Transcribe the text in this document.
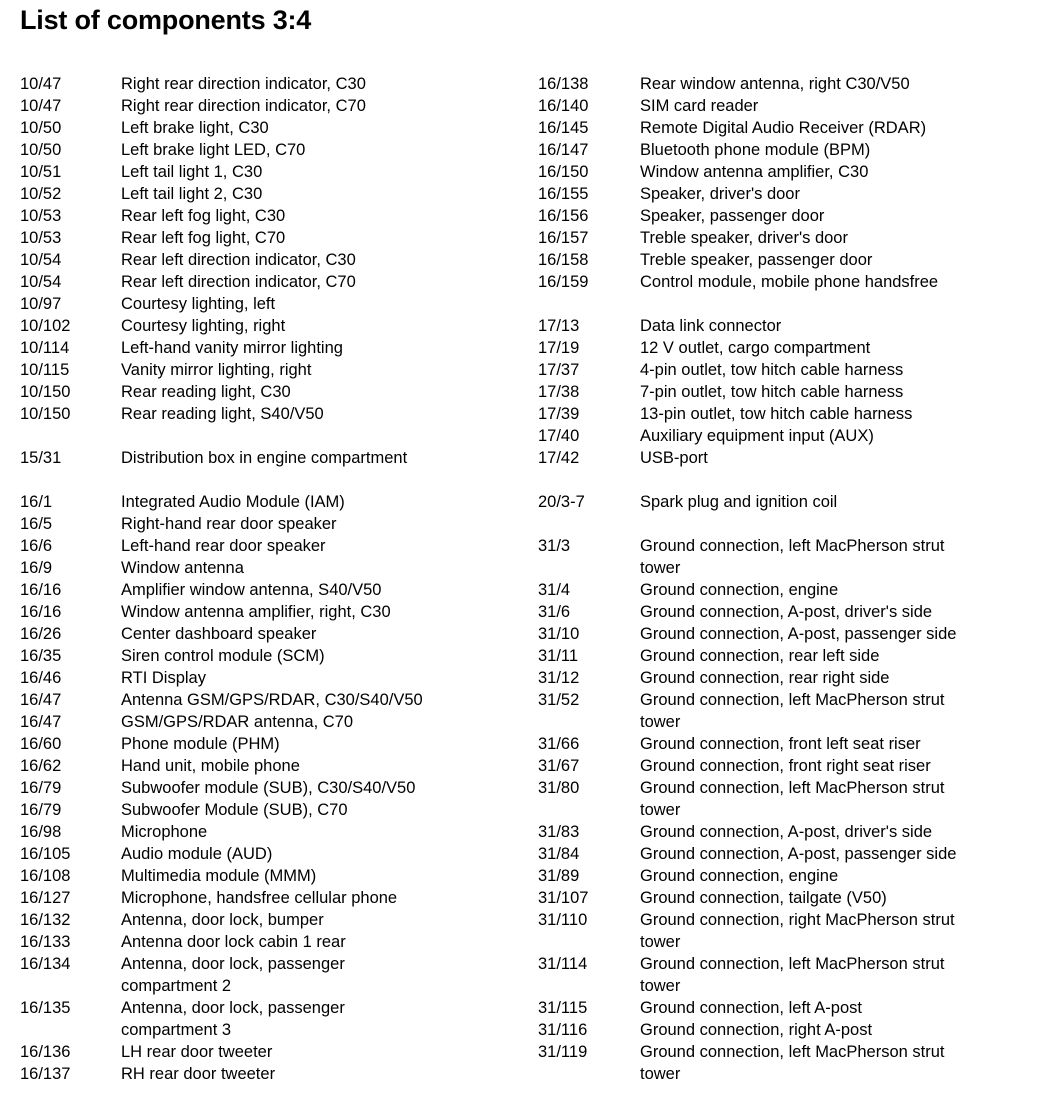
List of components 3:4
10/47	Right rear direction indicator, C30
10/47	Right rear direction indicator, C70
10/50	Left brake light, C30
10/50	Left brake light LED, C70
10/51	Left tail light 1, C30
10/52	Left tail light 2, C30
10/53	Rear left fog light, C30
10/53	Rear left fog light, C70
10/54	Rear left direction indicator, C30
10/54	Rear left direction indicator, C70
10/97	Courtesy lighting, left
10/102	Courtesy lighting, right
10/114	Left-hand vanity mirror lighting
10/115	Vanity mirror lighting, right
10/150	Rear reading light, C30
10/150	Rear reading light, S40/V50
15/31	Distribution box in engine compartment
16/1	Integrated Audio Module (IAM)
16/5	Right-hand rear door speaker
16/6	Left-hand rear door speaker
16/9	Window antenna
16/16	Amplifier window antenna, S40/V50
16/16	Window antenna amplifier, right, C30
16/26	Center dashboard speaker
16/35	Siren control module (SCM)
16/46	RTI Display
16/47	Antenna GSM/GPS/RDAR, C30/S40/V50
16/47	GSM/GPS/RDAR antenna, C70
16/60	Phone module (PHM)
16/62	Hand unit, mobile phone
16/79	Subwoofer module (SUB), C30/S40/V50
16/79	Subwoofer Module (SUB), C70
16/98	Microphone
16/105	Audio module (AUD)
16/108	Multimedia module (MMM)
16/127	Microphone, handsfree cellular phone
16/132	Antenna, door lock, bumper
16/133	Antenna door lock cabin 1 rear
16/134	Antenna, door lock, passenger
compartment 2
16/135	Antenna, door lock, passenger
compartment 3
16/136	LH rear door tweeter
16/137	RH rear door tweeter
16/138	Rear window antenna, right C30/V50
16/140	SIM card reader
16/145	Remote Digital Audio Receiver (RDAR)
16/147	Bluetooth phone module (BPM)
16/150	Window antenna amplifier, C30
16/155	Speaker, driver's door
16/156	Speaker, passenger door
16/157	Treble speaker, driver's door
16/158	Treble speaker, passenger door
16/159	Control module, mobile phone handsfree
17/13	Data link connector
17/19	12 V outlet, cargo compartment
17/37	4-pin outlet, tow hitch cable harness
17/38	7-pin outlet, tow hitch cable harness
17/39	13-pin outlet, tow hitch cable harness
17/40	Auxiliary equipment input (AUX)
17/42	USB-port
20/3-7	Spark plug and ignition coil
31/3	Ground connection, left MacPherson strut
tower
31/4	Ground connection, engine
31/6	Ground connection, A-post, driver's side
31/10	Ground connection, A-post, passenger side
31/11	Ground connection, rear left side
31/12	Ground connection, rear right side
31/52	Ground connection, left MacPherson strut
tower
31/66	Ground connection, front left seat riser
31/67	Ground connection, front right seat riser
31/80	Ground connection, left MacPherson strut
tower
31/83	Ground connection, A-post, driver's side
31/84	Ground connection, A-post, passenger side
31/89	Ground connection, engine
31/107	Ground connection, tailgate (V50)
31/110	Ground connection, right MacPherson strut
tower
31/114	Ground connection, left MacPherson strut
tower
31/115	Ground connection, left A-post
31/116	Ground connection, right A-post
31/119	Ground connection, left MacPherson strut
tower
